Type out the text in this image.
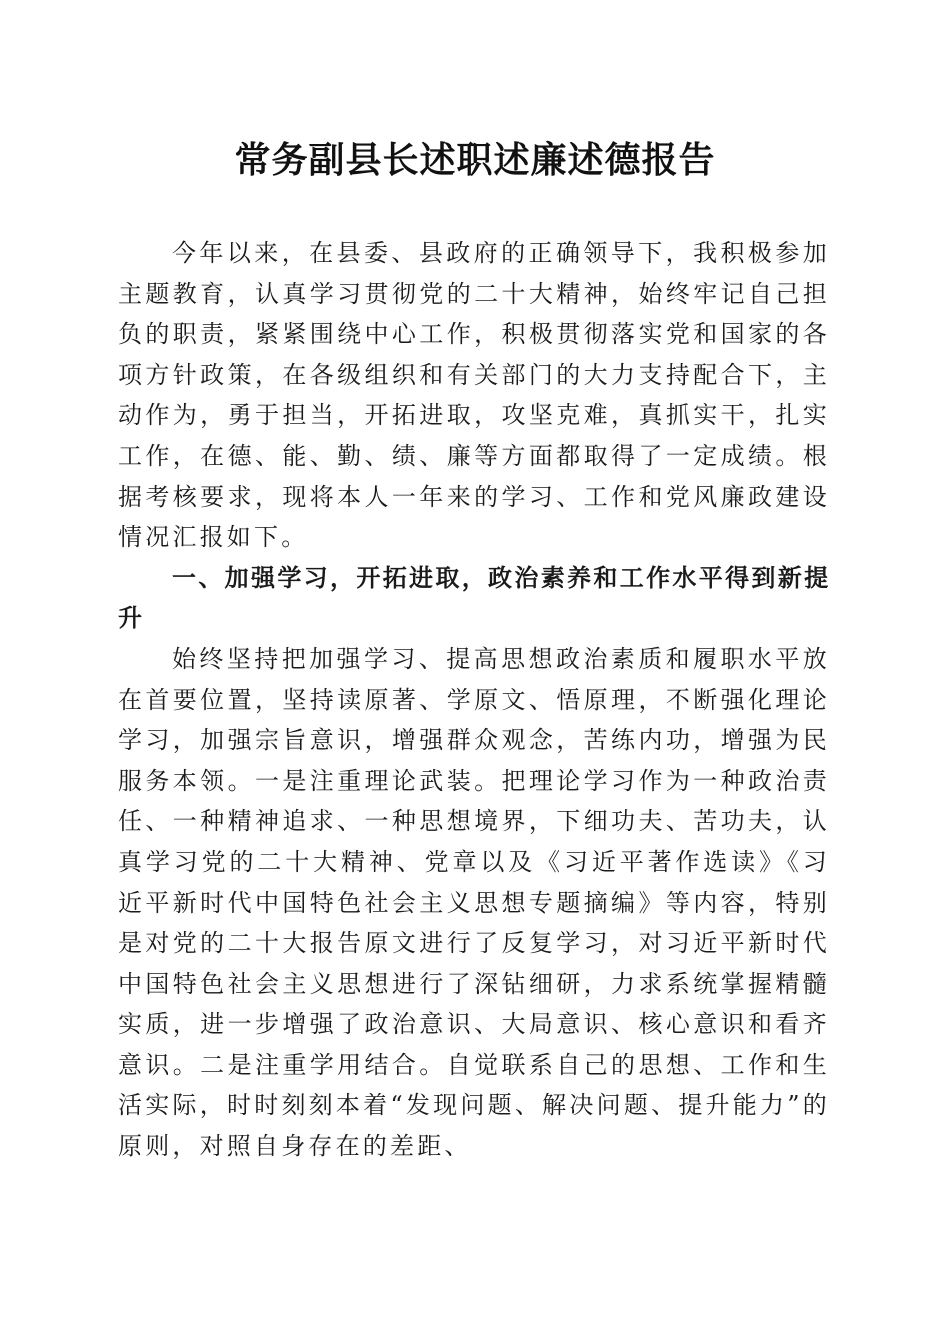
常务副县长述职述廉述德报告

今年以来，在县委、县政府的正确领导下，我积极参加主题教育，认真学习贯彻党的二十大精神，始终牢记自己担负的职责，紧紧围绕中心工作，积极贯彻落实党和国家的各项方针政策，在各级组织和有关部门的大力支持配合下，主动作为，勇于担当，开拓进取，攻坚克难，真抓实干，扎实工作，在德、能、勤、绩、廉等方面都取得了一定成绩。根据考核要求，现将本人一年来的学习、工作和党风廉政建设情况汇报如下。

一、加强学习，开拓进取，政治素养和工作水平得到新提升

始终坚持把加强学习、提高思想政治素质和履职水平放在首要位置，坚持读原著、学原文、悟原理，不断强化理论学习，加强宗旨意识，增强群众观念，苦练内功，增强为民服务本领。一是注重理论武装。把理论学习作为一种政治责任、一种精神追求、一种思想境界，下细功夫、苦功夫，认真学习党的二十大精神、党章以及《习近平著作选读》《习近平新时代中国特色社会主义思想专题摘编》等内容，特别是对党的二十大报告原文进行了反复学习，对习近平新时代中国特色社会主义思想进行了深钻细研，力求系统掌握精髓实质，进一步增强了政治意识、大局意识、核心意识和看齐意识。二是注重学用结合。自觉联系自己的思想、工作和生活实际，时时刻刻本着“发现问题、解决问题、提升能力”的原则，对照自身存在的差距、
